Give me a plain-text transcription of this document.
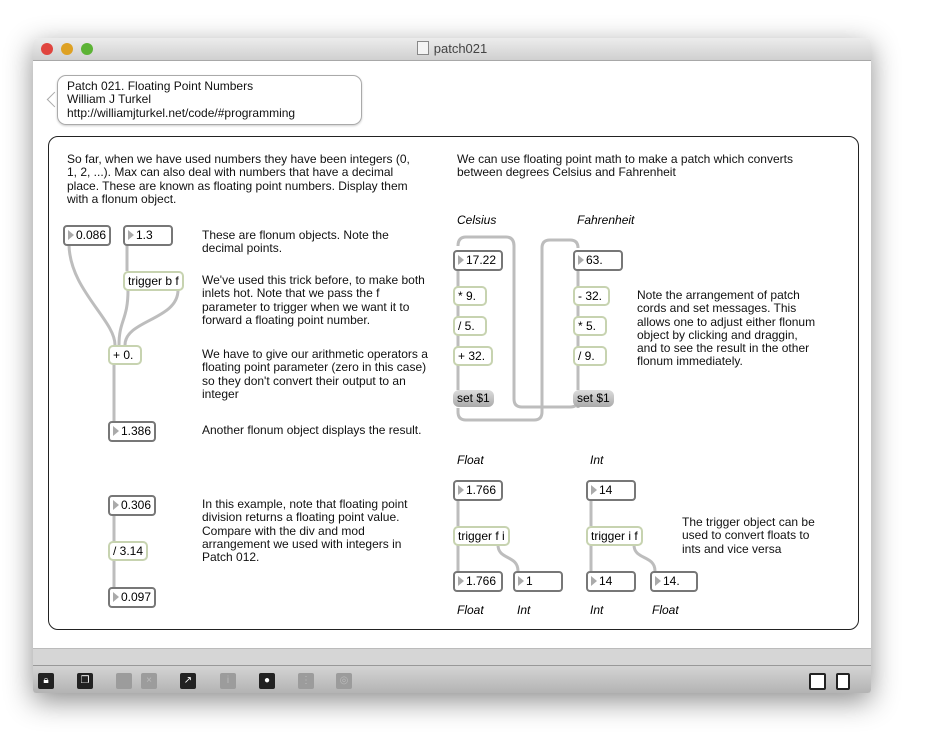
patch021
🔒︎	❐	×	↗	i	●	⋮	◎
Patch 021. Floating Point Numbers
William J Turkel
http://williamjturkel.net/code/#programming
So far, when we have used numbers they have been integers (0, 1, 2, ...). Max can also deal with numbers that have a decimal place. These are known as floating point numbers. Display them with a flonum object.
0.086	1.3
trigger b f
+ 0.
1.386
These are flonum objects. Note the decimal points.
We've used this trick before, to make both inlets hot. Note that we pass the f parameter to trigger when we want it to forward a floating point number.
We have to give our arithmetic operators a floating point parameter (zero in this case) so they don't convert their output to an integer
Another flonum object displays the result.
0.306
/ 3.14
0.097
In this example, note that floating point division returns a floating point value. Compare with the div and mod arrangement we used with integers in Patch 012.
We can use floating point math to make a patch which converts between degrees Celsius and Fahrenheit
Celsius	Fahrenheit
17.22
* 9.
/ 5.
+ 32.
set $1
63.
- 32.
* 5.
/ 9.
set $1
Note the arrangement of patch cords and set messages. This allows one to adjust either flonum object by clicking and draggin, and to see the result in the other flonum immediately.
Float	Int
1.766
trigger f i
1.766	1
14
trigger i f
14	14.
Float	Int	Int	Float
The trigger object can be used to convert floats to ints and vice versa
